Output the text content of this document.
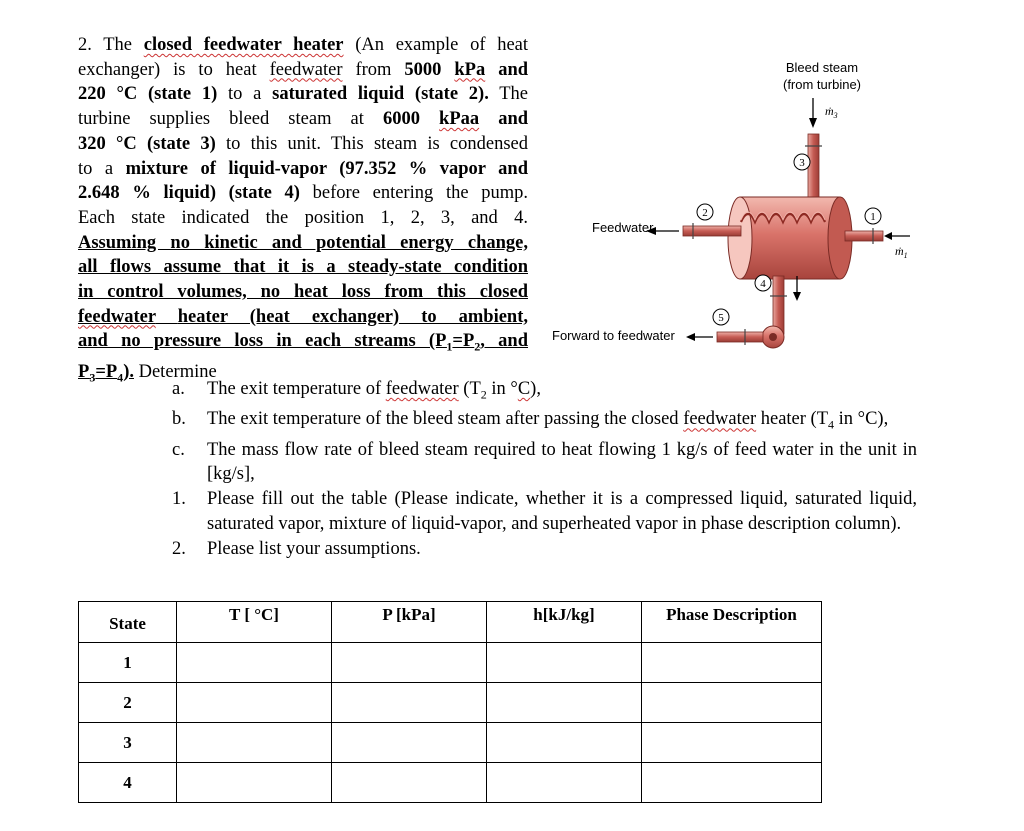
2. The closed feedwater heater (An example of heat
exchanger) is to heat feedwater from 5000 kPa and
220 °C (state 1) to a saturated liquid (state 2). The
turbine supplies bleed steam at 6000 kPaa and
320 °C (state 3) to this unit. This steam is condensed
to a mixture of liquid-vapor (97.352 % vapor and
2.648 % liquid) (state 4) before entering the pump.
Each state indicated the position 1, 2, 3, and 4.
Assuming no kinetic and potential energy change,
all flows assume that it is a steady-state condition
in control volumes, no heat loss from this closed
feedwater heater (heat exchanger) to ambient,
and no pressure loss in each streams ($P_1=P_2$, and
$P_3=P_4$). Determine
Bleed steam
(from turbine)
ṁ$_3$
3
2
Feedwater
1
ṁ$_1$
4
5
Forward to feedwater
a.	The exit temperature of feedwater ($T_2$ in °C),
b.	The exit temperature of the bleed steam after passing the closed feedwater heater ($T_4$ in °C),
c.	The mass flow rate of bleed steam required to heat flowing 1 kg/s of feed water in the unit in [kg/s],
1.	Please fill out the table (Please indicate, whether it is a compressed liquid, saturated liquid, saturated vapor, mixture of liquid-vapor, and superheated vapor in phase description column).
2.	Please list your assumptions.
State	T [ °C]	P [kPa]	h[kJ/kg]	Phase Description
1				
2				
3				
4				
